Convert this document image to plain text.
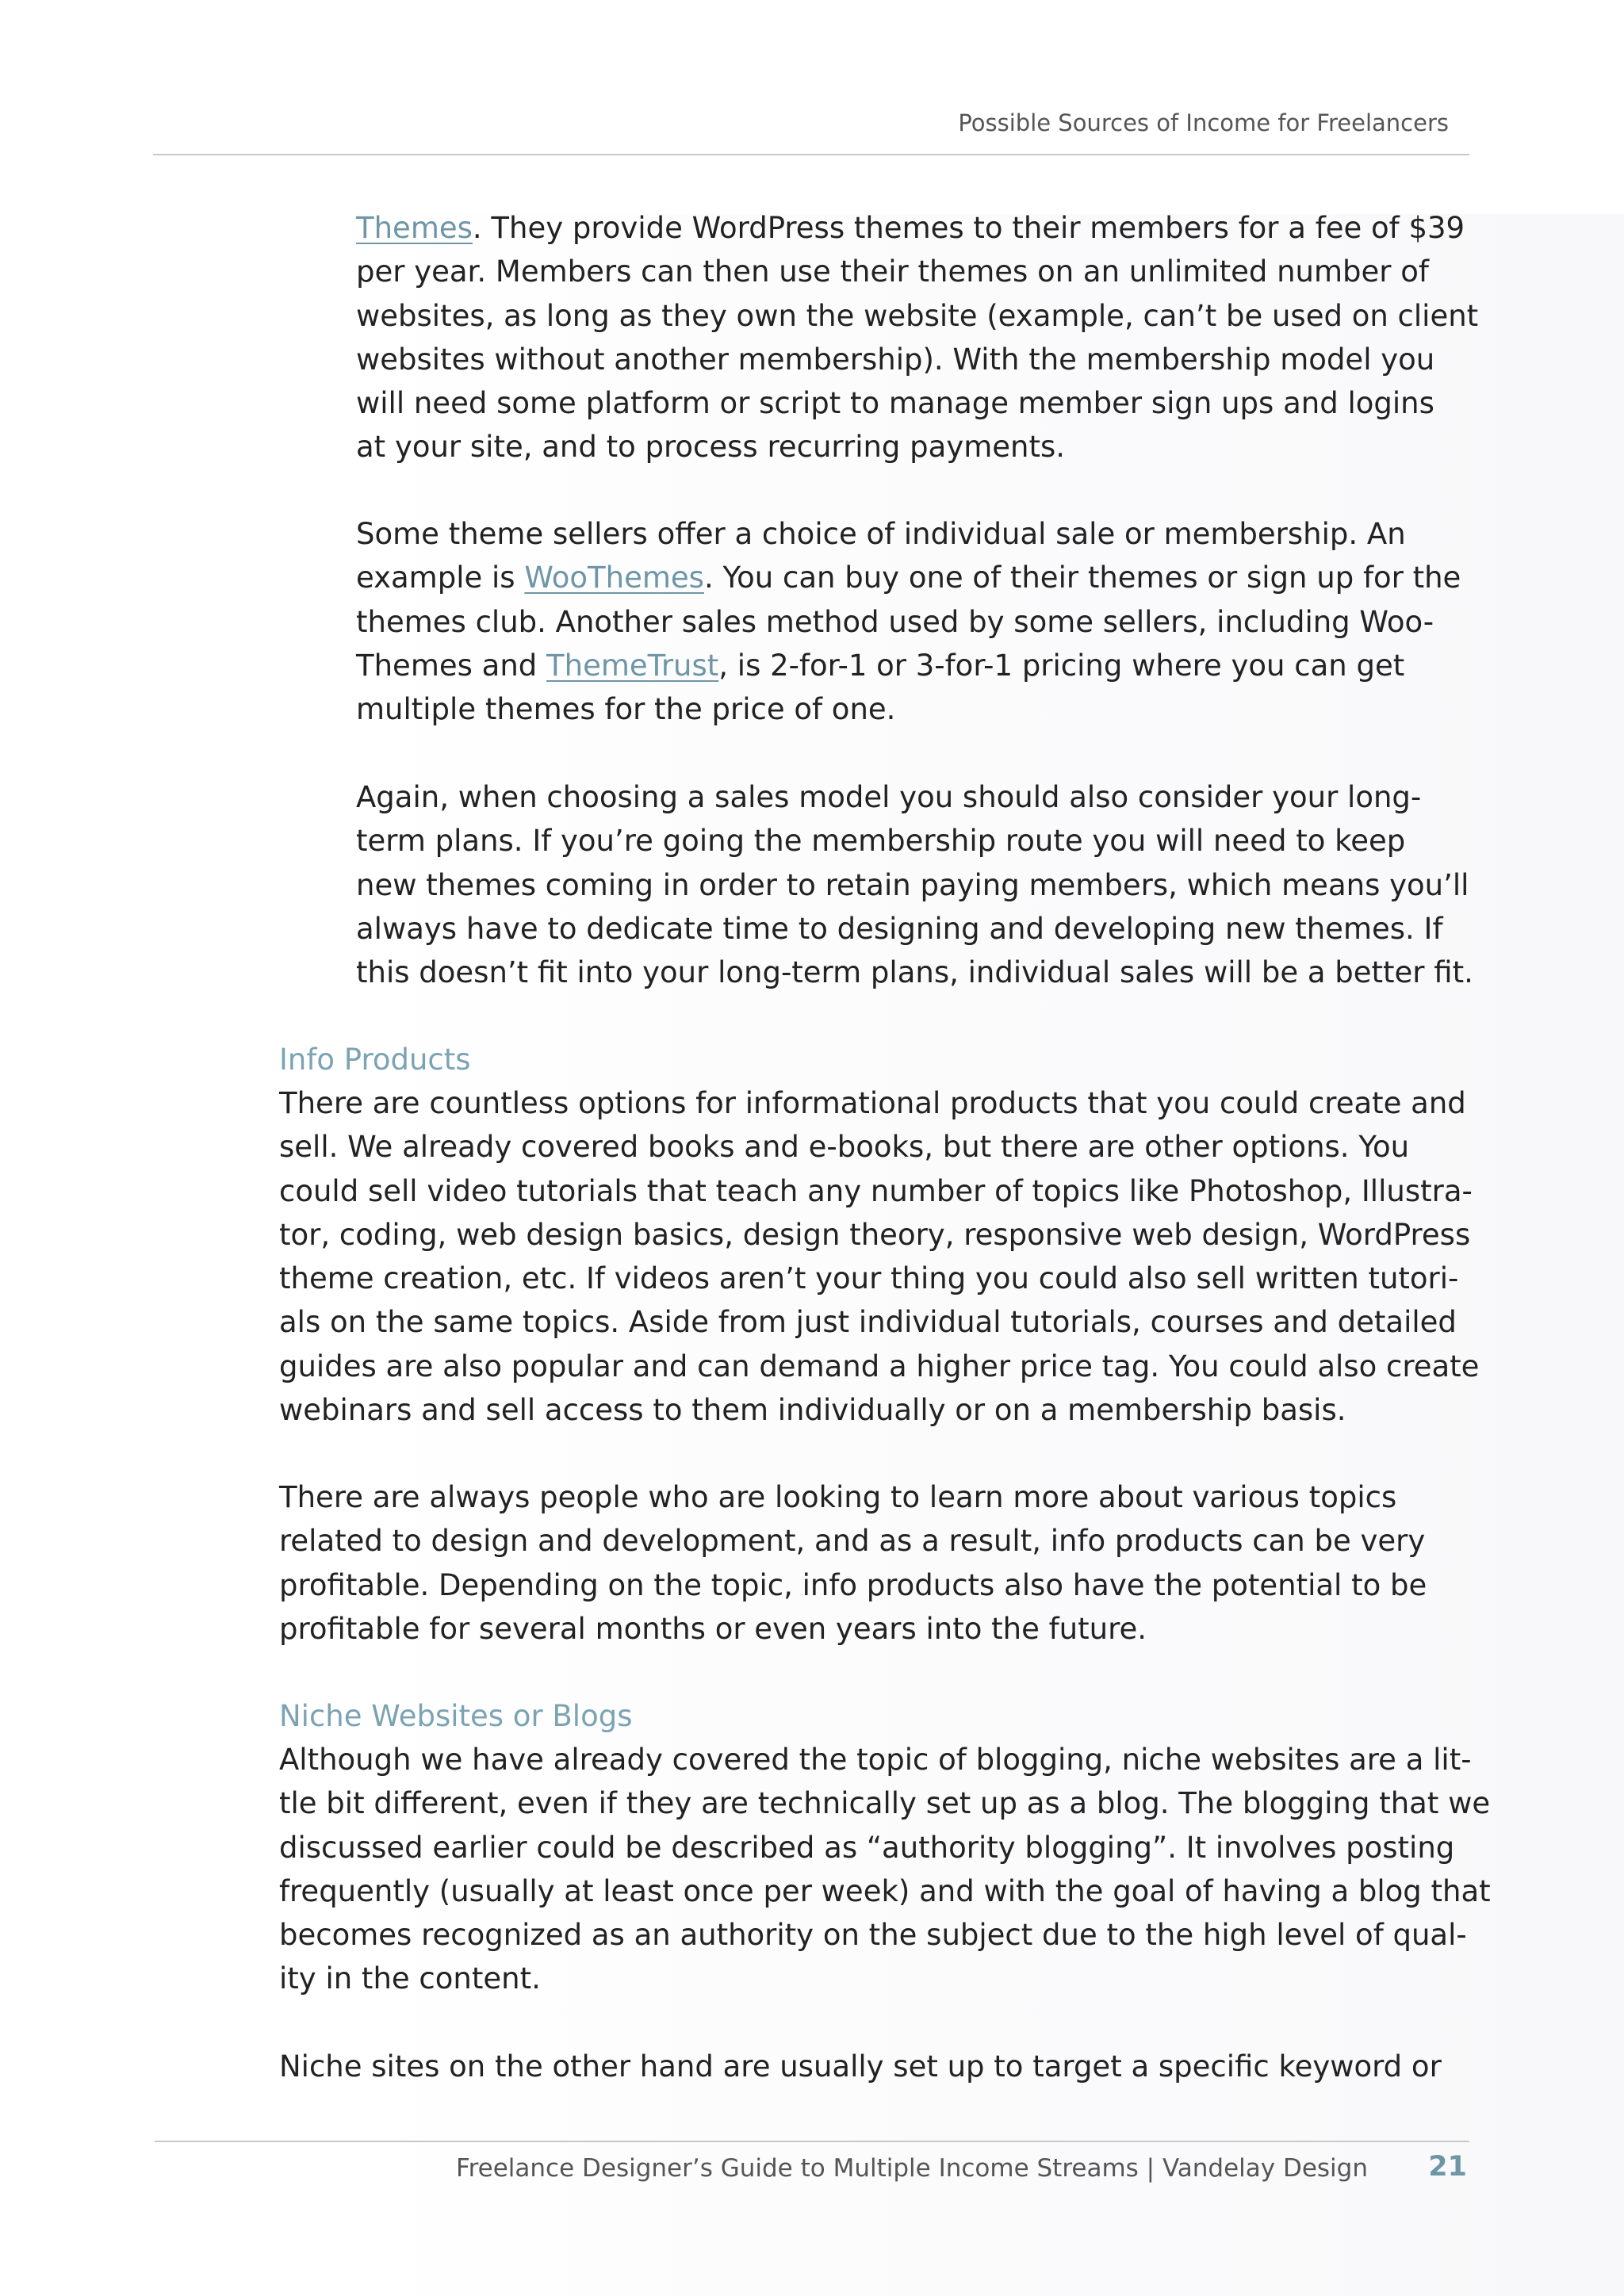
Possible Sources of Income for Freelancers

Themes. They provide WordPress themes to their members for a fee of $39
per year. Members can then use their themes on an unlimited number of
websites, as long as they own the website (example, can’t be used on client
websites without another membership). With the membership model you
will need some platform or script to manage member sign ups and logins
at your site, and to process recurring payments.

Some theme sellers offer a choice of individual sale or membership. An
example is WooThemes. You can buy one of their themes or sign up for the
themes club. Another sales method used by some sellers, including Woo-
Themes and ThemeTrust, is 2-for-1 or 3-for-1 pricing where you can get
multiple themes for the price of one.

Again, when choosing a sales model you should also consider your long-
term plans. If you’re going the membership route you will need to keep
new themes coming in order to retain paying members, which means you’ll
always have to dedicate time to designing and developing new themes. If
this doesn’t fit into your long-term plans, individual sales will be a better fit.

Info Products

There are countless options for informational products that you could create and
sell. We already covered books and e-books, but there are other options. You
could sell video tutorials that teach any number of topics like Photoshop, Illustra-
tor, coding, web design basics, design theory, responsive web design, WordPress
theme creation, etc. If videos aren’t your thing you could also sell written tutori-
als on the same topics. Aside from just individual tutorials, courses and detailed
guides are also popular and can demand a higher price tag. You could also create
webinars and sell access to them individually or on a membership basis.

There are always people who are looking to learn more about various topics
related to design and development, and as a result, info products can be very
profitable. Depending on the topic, info products also have the potential to be
profitable for several months or even years into the future.

Niche Websites or Blogs

Although we have already covered the topic of blogging, niche websites are a lit-
tle bit different, even if they are technically set up as a blog. The blogging that we
discussed earlier could be described as “authority blogging”. It involves posting
frequently (usually at least once per week) and with the goal of having a blog that
becomes recognized as an authority on the subject due to the high level of qual-
ity in the content.

Niche sites on the other hand are usually set up to target a specific keyword or

Freelance Designer’s Guide to Multiple Income Streams | Vandelay Design	21
